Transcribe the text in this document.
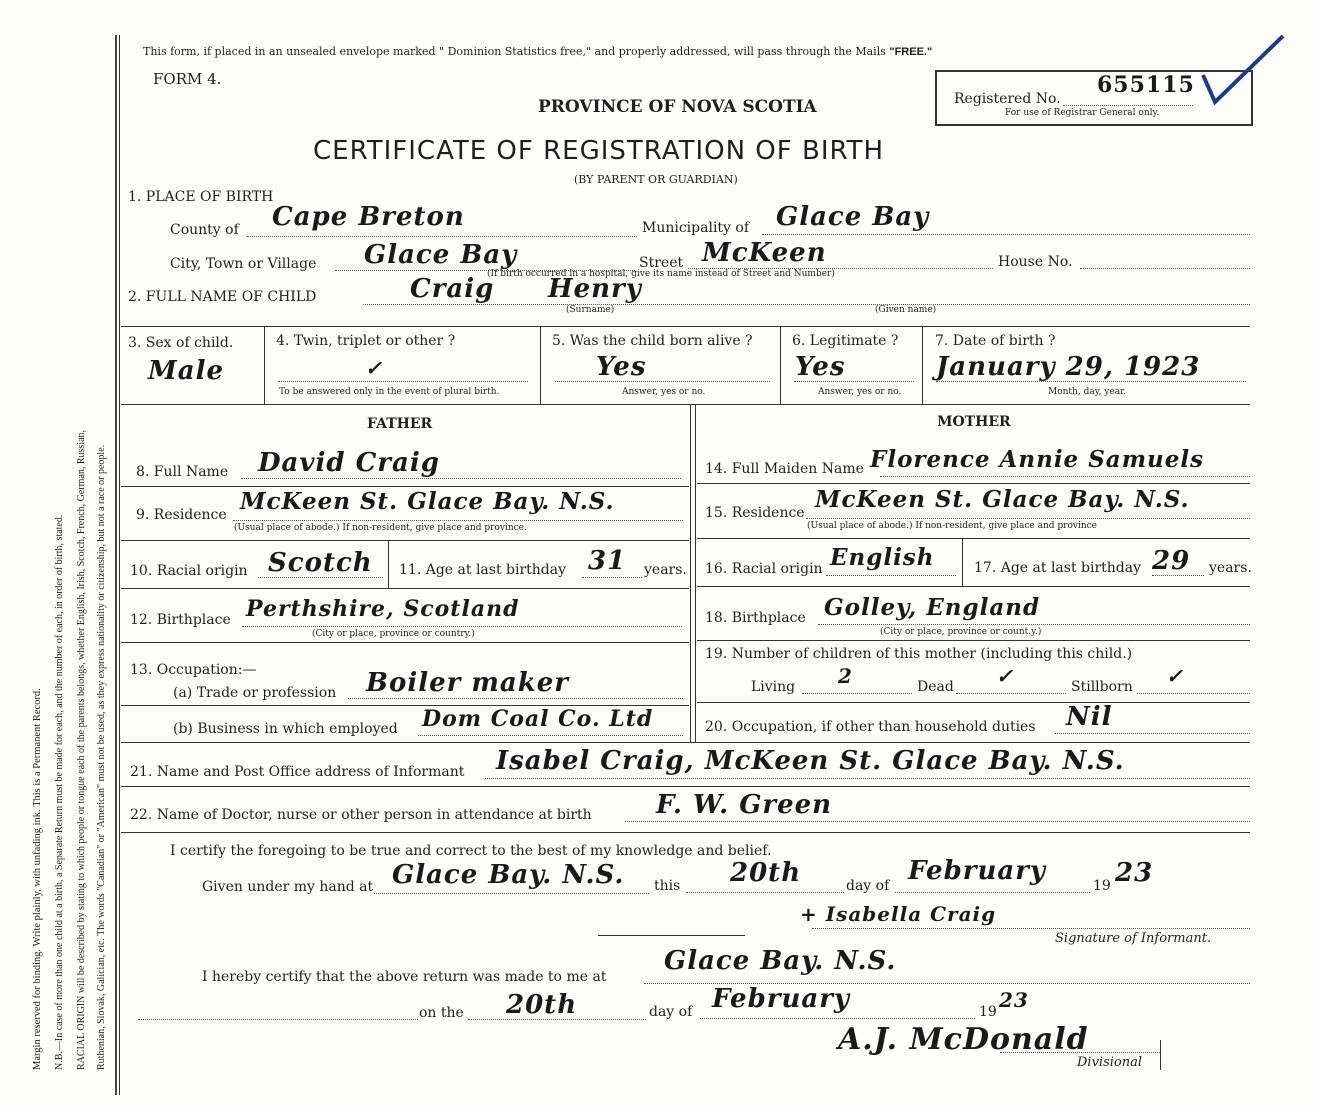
Margin reserved for binding. Write plainly, with unfading ink. This is a Permanent Record. N.B.—In case of more than one child at a birth, a Separate Return must be made for each, and the number of each, in order of birth, stated. RACIAL ORIGIN will be described by stating to which people or tongue each of the parents belongs, whether English, Irish, Scotch, French, German, Russian, Ruthenian, Slovak, Galician, etc. The words "Canadian" or "American" must not be used, as they express nationality or citizenship, but not a race or people.
This form, if placed in an unsealed envelope marked " Dominion Statistics free," and properly addressed, will pass through the Mails "FREE."
FORM 4.
PROVINCE OF NOVA SCOTIA
CERTIFICATE OF REGISTRATION OF BIRTH
(BY PARENT OR GUARDIAN)
Registered No.
655115
For use of Registrar General only.
1. PLACE OF BIRTH
County of Cape Breton	Municipality of Glace Bay
City, Town or Village Glace Bay
(If birth occurred in a hospital, give its name instead of Street and Number)
Street McKeen	House No.
2. FULL NAME OF CHILD	Craig Henry
(Surname)	(Given name)
3. Sex of child.
Male
4. Twin, triplet or other ?
✓
To be answered only in the event of plural birth.
5. Was the child born alive ?
Yes
Answer, yes or no.
6. Legitimate ?
Yes
Answer, yes or no.
7. Date of birth ?
January 29, 1923
Month, day, year.
FATHER	MOTHER
8. Full Name David Craig	14. Full Maiden Name Florence Annie Samuels
9. Residence McKeen St. Glace Bay. N.S.
(Usual place of abode.) If non-resident, give place and province.
15. Residence McKeen St. Glace Bay. N.S.
(Usual place of abode.) If non-resident, give place and province
10. Racial origin Scotch 11. Age at last birthday 31 years. 16. Racial origin English	17. Age at last birthday 29 years.
12. Birthplace Perthshire, Scotland
(City or place, province or country.)
18. Birthplace Golley, England
(City or place, province or count.y.)
13. Occupation:—
(a) Trade or profession Boiler maker
(b) Business in which employed Dom Coal Co. Ltd
19. Number of children of this mother (including this child.)
Living 2	Dead ✓	Stillborn ✓
20. Occupation, if other than household duties Nil
21. Name and Post Office address of Informant Isabel Craig, McKeen St. Glace Bay. N.S.
22. Name of Doctor, nurse or other person in attendance at birth F. W. Green
I certify the foregoing to be true and correct to the best of my knowledge and belief.
Given under my hand at Glace Bay. N.S. this 20th	day of February	19 23
+ Isabella Craig
Signature of Informant.
I hereby certify that the above return was made to me at
Glace Bay. N.S.
on the 20th	day of February	19 23
A.J. McDonald
Divisional
